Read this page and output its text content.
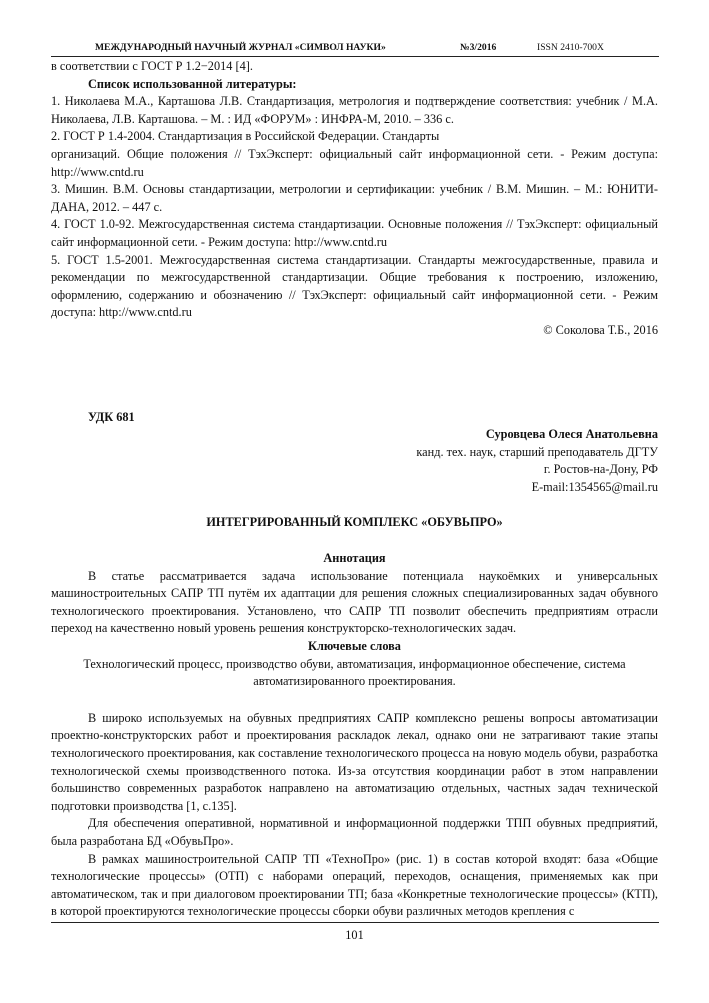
МЕЖДУНАРОДНЫЙ НАУЧНЫЙ ЖУРНАЛ «СИМВОЛ НАУКИ»	№3/2016	ISSN 2410-700Х

в соответствии с ГОСТ Р 1.2−2014 [4].

Список использованной литературы:

1. Николаева М.А., Карташова Л.В. Стандартизация, метрология и подтверждение соответствия: учебник / М.А. Николаева, Л.В. Карташова. – М. : ИД «ФОРУМ» : ИНФРА-М, 2010. – 336 с.

2. ГОСТ Р 1.4-2004. Стандартизация в Российской Федерации. Стандарты

организаций. Общие положения // ТэхЭксперт: официальный сайт информационной сети. - Режим доступа: http://www.cntd.ru

3. Мишин. В.М. Основы стандартизации, метрологии и сертификации: учебник / В.М. Мишин. – М.: ЮНИТИ-ДАНА, 2012. – 447 с.

4. ГОСТ 1.0-92. Межгосударственная система стандартизации. Основные положения // ТэхЭксперт: официальный сайт информационной сети. - Режим доступа: http://www.cntd.ru

5. ГОСТ 1.5-2001. Межгосударственная система стандартизации. Стандарты межгосударственные, правила и рекомендации по межгосударственной стандартизации. Общие требования к построению, изложению, оформлению, содержанию и обозначению // ТэхЭксперт: официальный сайт информационной сети. - Режим доступа: http://www.cntd.ru

© Соколова Т.Б., 2016

УДК 681

Суровцева Олеся Анатольевна

канд. тех. наук, старший преподаватель ДГТУ

г. Ростов-на-Дону, РФ

E-mail:1354565@mail.ru

ИНТЕГРИРОВАННЫЙ КОМПЛЕКС «ОБУВЬПРО»

Аннотация

В статье рассматривается задача использование потенциала наукоёмких и универсальных машиностроительных САПР ТП путём их адаптации для решения сложных специализированных задач обувного технологического проектирования. Установлено, что САПР ТП позволит обеспечить предприятиям отрасли переход на качественно новый уровень решения конструкторско-технологических задач.

Ключевые слова

Технологический процесс, производство обуви, автоматизация, информационное обеспечение, система автоматизированного проектирования.

В широко используемых на обувных предприятиях САПР комплексно решены вопросы автоматизации проектно-конструкторских работ и проектирования раскладок лекал, однако они не затрагивают такие этапы технологического проектирования, как составление технологического процесса на новую модель обуви, разработка технологической схемы производственного потока. Из-за отсутствия координации работ в этом направлении большинство современных разработок направлено на автоматизацию отдельных, частных задач технической подготовки производства [1, с.135].

Для обеспечения оперативной, нормативной и информационной поддержки ТПП обувных предприятий, была разработана БД «ОбувьПро».

В рамках машиностроительной САПР ТП «ТехноПро» (рис. 1) в состав которой входят: база «Общие технологические процессы» (ОТП) с наборами операций, переходов, оснащения, применяемых как при автоматическом, так и при диалоговом проектировании ТП; база «Конкретные технологические процессы» (КТП), в которой проектируются технологические процессы сборки обуви различных методов крепления с

101
